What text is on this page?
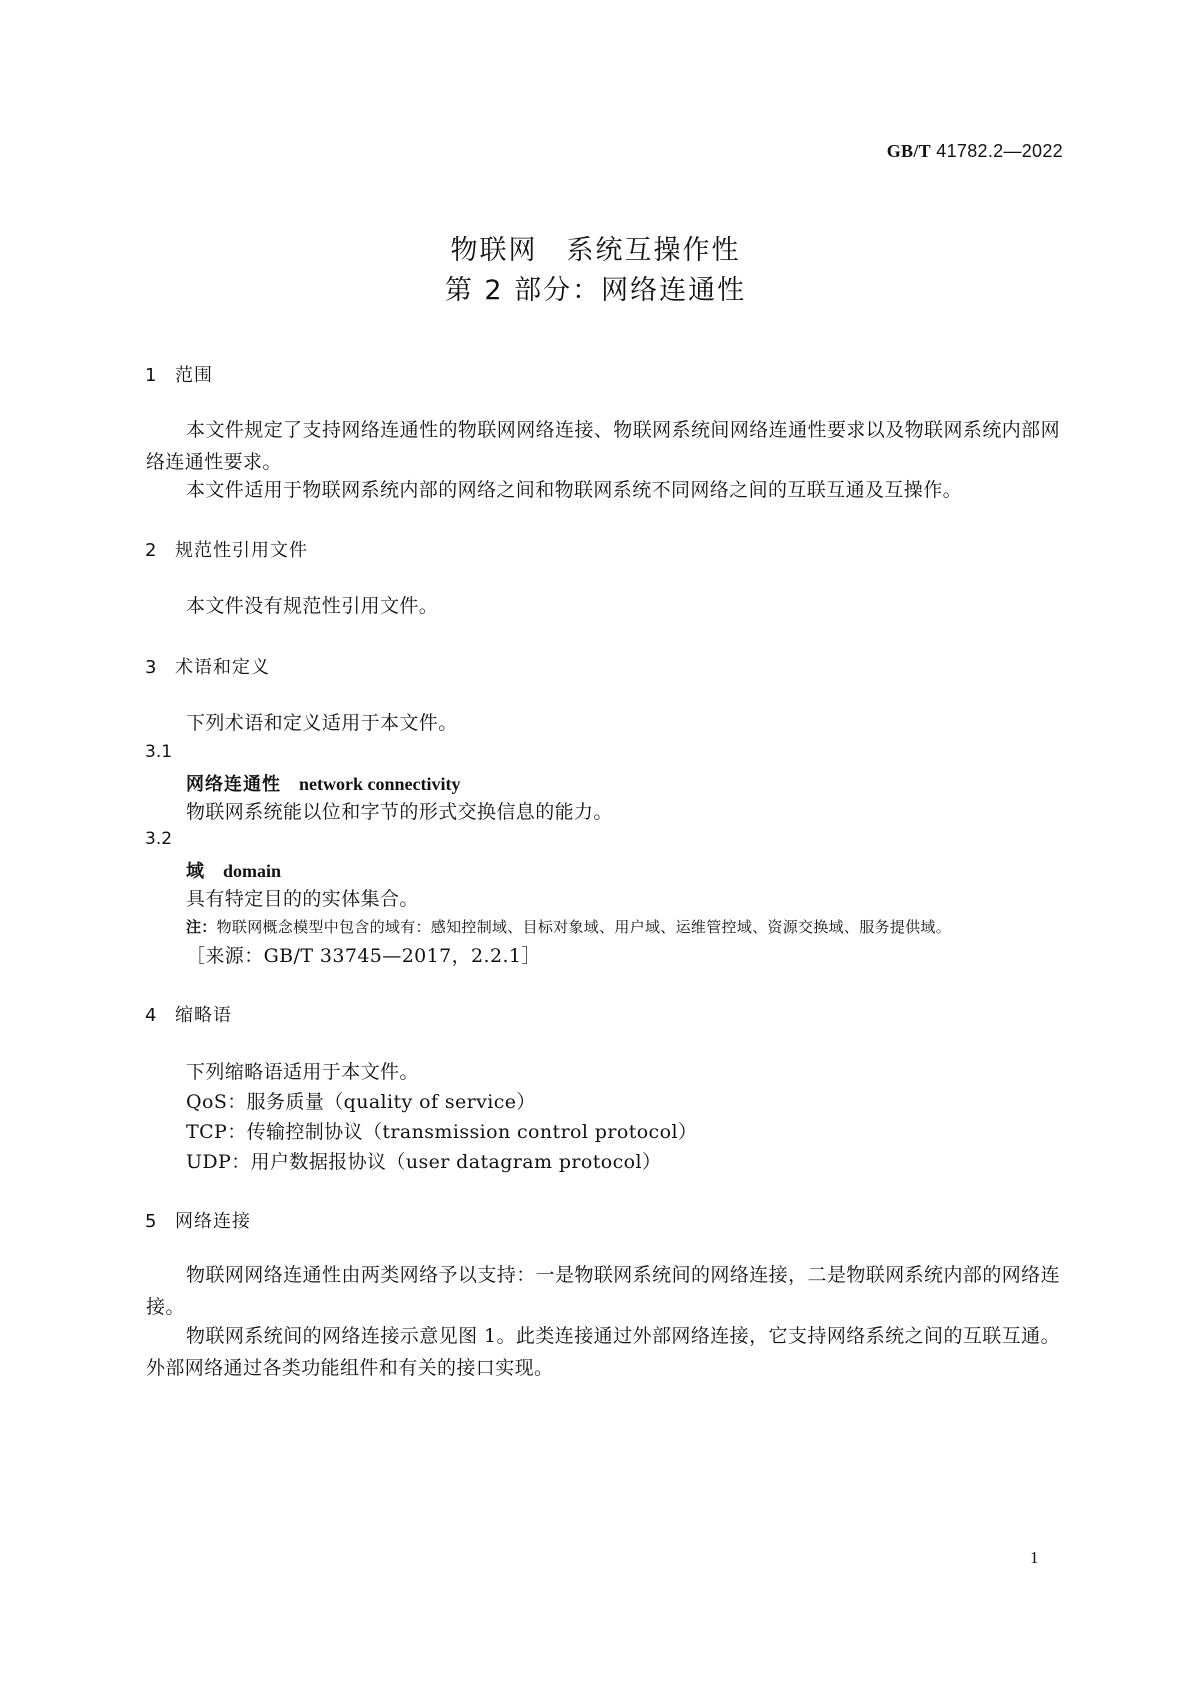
GB/T 41782.2—2022
物联网　系统互操作性
第 2 部分：网络连通性
1 范围
本文件规定了支持网络连通性的物联网网络连接、物联网系统间网络连通性要求以及物联网系统内部网络连通性要求。
本文件适用于物联网系统内部的网络之间和物联网系统不同网络之间的互联互通及互操作。
2 规范性引用文件
本文件没有规范性引用文件。
3 术语和定义
下列术语和定义适用于本文件。
3.1
网络连通性 network connectivity
物联网系统能以位和字节的形式交换信息的能力。
3.2
域 domain
具有特定目的的实体集合。
注：物联网概念模型中包含的域有：感知控制域、目标对象域、用户域、运维管控域、资源交换域、服务提供域。
［来源：GB/T 33745—2017，2.2.1］
4 缩略语
下列缩略语适用于本文件。
QoS：服务质量（quality of service）
TCP：传输控制协议（transmission control protocol）
UDP：用户数据报协议（user datagram protocol）
5 网络连接
物联网网络连通性由两类网络予以支持：一是物联网系统间的网络连接，二是物联网系统内部的网络连接。
物联网系统间的网络连接示意见图 1。此类连接通过外部网络连接，它支持网络系统之间的互联互通。外部网络通过各类功能组件和有关的接口实现。
1
